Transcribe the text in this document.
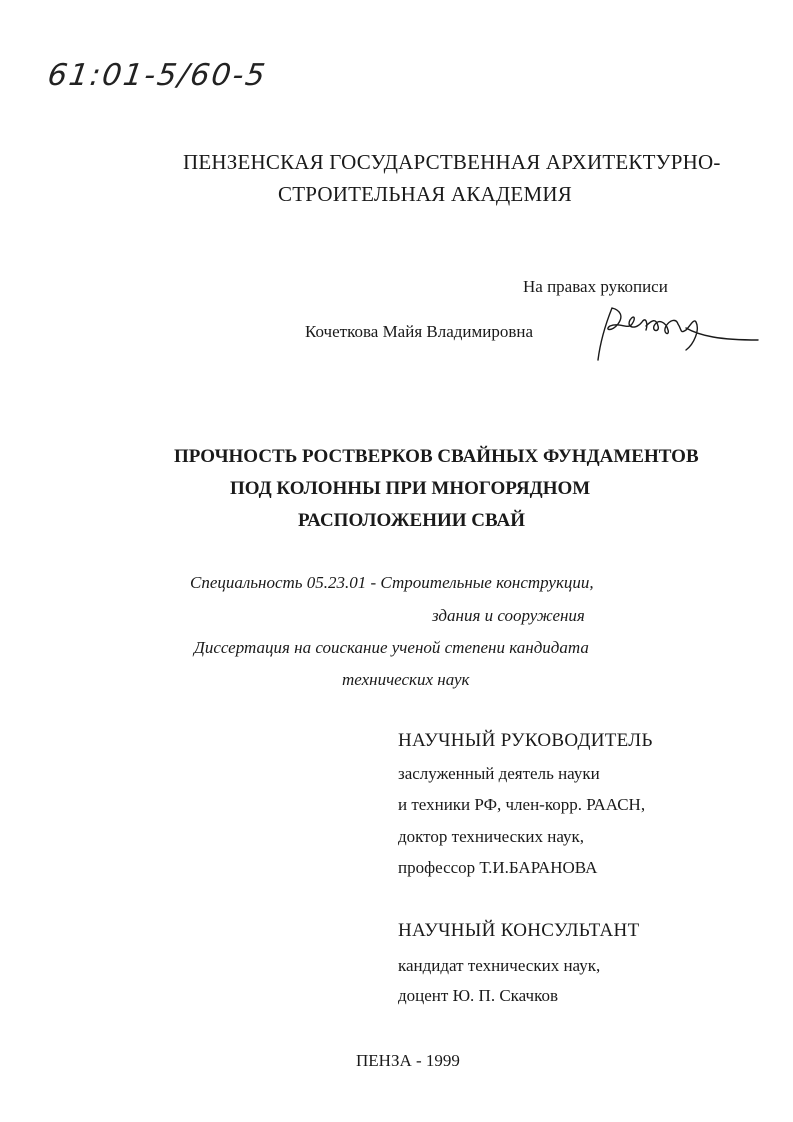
61:01-5/60-5
ПЕНЗЕНСКАЯ ГОСУДАРСТВЕННАЯ АРХИТЕКТУРНО-
СТРОИТЕЛЬНАЯ АКАДЕМИЯ
На правах рукописи
Кочеткова Майя Владимировна
ПРОЧНОСТЬ РОСТВЕРКОВ СВАЙНЫХ ФУНДАМЕНТОВ
ПОД КОЛОННЫ ПРИ МНОГОРЯДНОМ
РАСПОЛОЖЕНИИ СВАЙ
Специальность 05.23.01 - Строительные конструкции,
здания и сооружения
Диссертация на соискание ученой степени кандидата
технических наук
НАУЧНЫЙ РУКОВОДИТЕЛЬ
заслуженный деятель науки
и техники РФ, член-корр. РААСН,
доктор технических наук,
профессор Т.И.БАРАНОВА
НАУЧНЫЙ КОНСУЛЬТАНТ
кандидат технических наук,
доцент Ю. П. Скачков
ПЕНЗА - 1999
